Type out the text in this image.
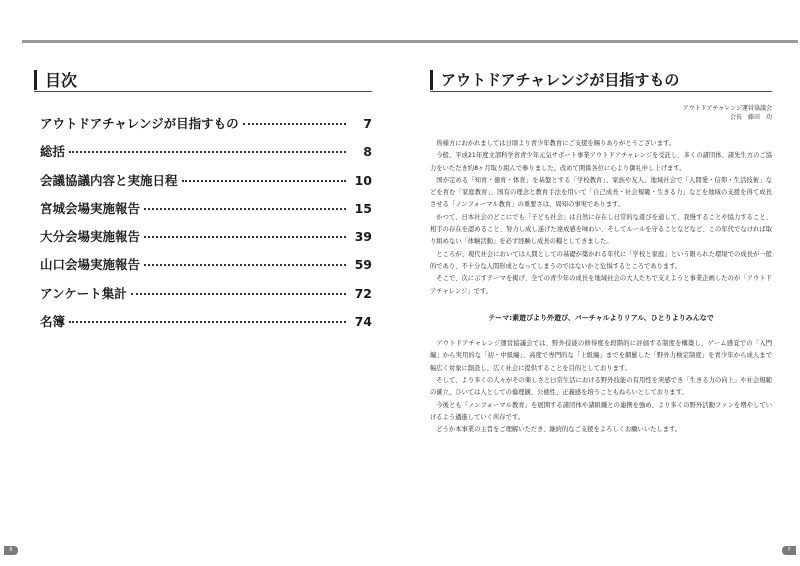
目次
アウトドアチャレンジが目指すもの	7
総括	8
会議協議内容と実施日程	10
宮城会場実施報告	15
大分会場実施報告	39
山口会場実施報告	59
アンケート集計	72
名簿	74
アウトドアチャレンジが目指すもの
アウトドアチャレンジ運営協議会
会長　藤田　功

皆様方におかれましては日頃より青少年教育にご支援を賜りありがとうございます。

今般、平成21年度文部科学省青少年元気サポート事業アウトドアチャレンジを受託し、多くの諸団体、諸先生方のご協力をいただき約8ヶ月取り組んで参りました。改めて関係各位に心より御礼申し上げます。

国が定める「知育・徳育・体育」を基盤とする「学校教育」、家族や友人、地域社会で「人間愛・信仰・生活技術」などを育む「家庭教育」、国有の理念と教育手法を用いて「自己成長・社会規範・生きる力」などを地域の支援を得て成長させる「ノンフォーマル教育」の重要さは、周知の事実であります。

かつて、日本社会のどこにでも「子ども社会」は自然に存在し日常的な遊びを通して、我慢することや協力すること、相手の存在を認めること、努力し成し遂げた達成感を味わい、そしてルールを守ることなどなど、この年代でなければ取り組めない「体験活動」を必ず経験し成長の糧としてきました。

ところが、現代社会においては人間としての基礎が築かれる年代に「学校と家庭」という限られた環境での成長が一般的であり、不十分な人間形成となってしまうのではないかと危惧するところであります。

そこで、次に示すテーマを掲げ、全ての青少年の成長を地域社会の大人たちで支えようと事業企画したのが「アウトドアチャレンジ」です。

テーマ:素遊びより外遊び、バーチャルよりリアル、ひとりよりみんなで

アウトドアチャレンジ運営協議会では、野外技能の修得度を段階的に評価する制度を構築し、ゲーム感覚での「入門編」から実用的な「初・中級編」、高度で専門的な「上級編」までを網羅した「野外力検定制度」を青少年から成人まで幅広く対象に創設し、広く社会に提供することを目的としております。

そして、より多くの人々がその楽しさと日常生活における野外技能の有用性を実感でき「生きる力の向上」や社会規範の確立、ひいては人としての倫理観、公徳性、正義感を培うこともねらいとしております。

今後とも「ノンフォーマル教育」を展開する諸団体や諸組織との連携を強め、より多くの野外活動ファンを増やしていけるよう邁進していく所存です。

どうか本事業の主旨をご理解いただき、継続的なご支援をよろしくお願いいたします。

6	7
